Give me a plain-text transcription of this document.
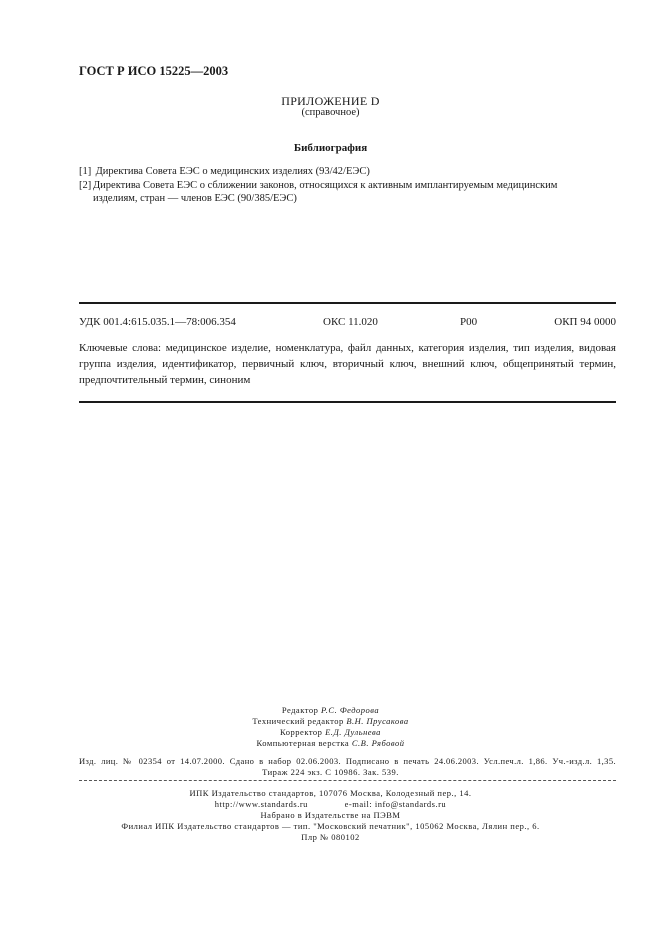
ГОСТ Р ИСО 15225—2003
ПРИЛОЖЕНИЕ D
(справочное)
Библиография
[1] Директива Совета ЕЭС о медицинских изделиях (93/42/ЕЭС)
[2] Директива Совета ЕЭС о сближении законов, относящихся к активным имплантируемым медицинским
изделиям, стран — членов ЕЭС (90/385/ЕЭС)
УДК 001.4:615.035.1—78:006.354	ОКС 11.020	Р00	ОКП 94 0000
Ключевые слова: медицинское изделие, номенклатура, файл данных, категория изделия, тип изделия, видовая группа изделия, идентификатор, первичный ключ, вторичный ключ, внешний ключ, общепринятый термин, предпочтительный термин, синоним
Редактор Р.С. Федорова
Технический редактор В.Н. Прусакова
Корректор Е.Д. Дульнева
Компьютерная верстка С.В. Рябовой
Изд. лиц. № 02354 от 14.07.2000. Сдано в набор 02.06.2003. Подписано в печать 24.06.2003. Усл.печ.л. 1,86. Уч.-изд.л. 1,35.
Тираж 224 экз. С 10986. Зак. 539.
ИПК Издательство стандартов, 107076 Москва, Колодезный пер., 14.
http://www.standards.ru	e-mail: info@standards.ru
Набрано в Издательстве на ПЭВМ
Филиал ИПК Издательство стандартов — тип. "Московский печатник", 105062 Москва, Лялин пер., 6.
Плр № 080102
